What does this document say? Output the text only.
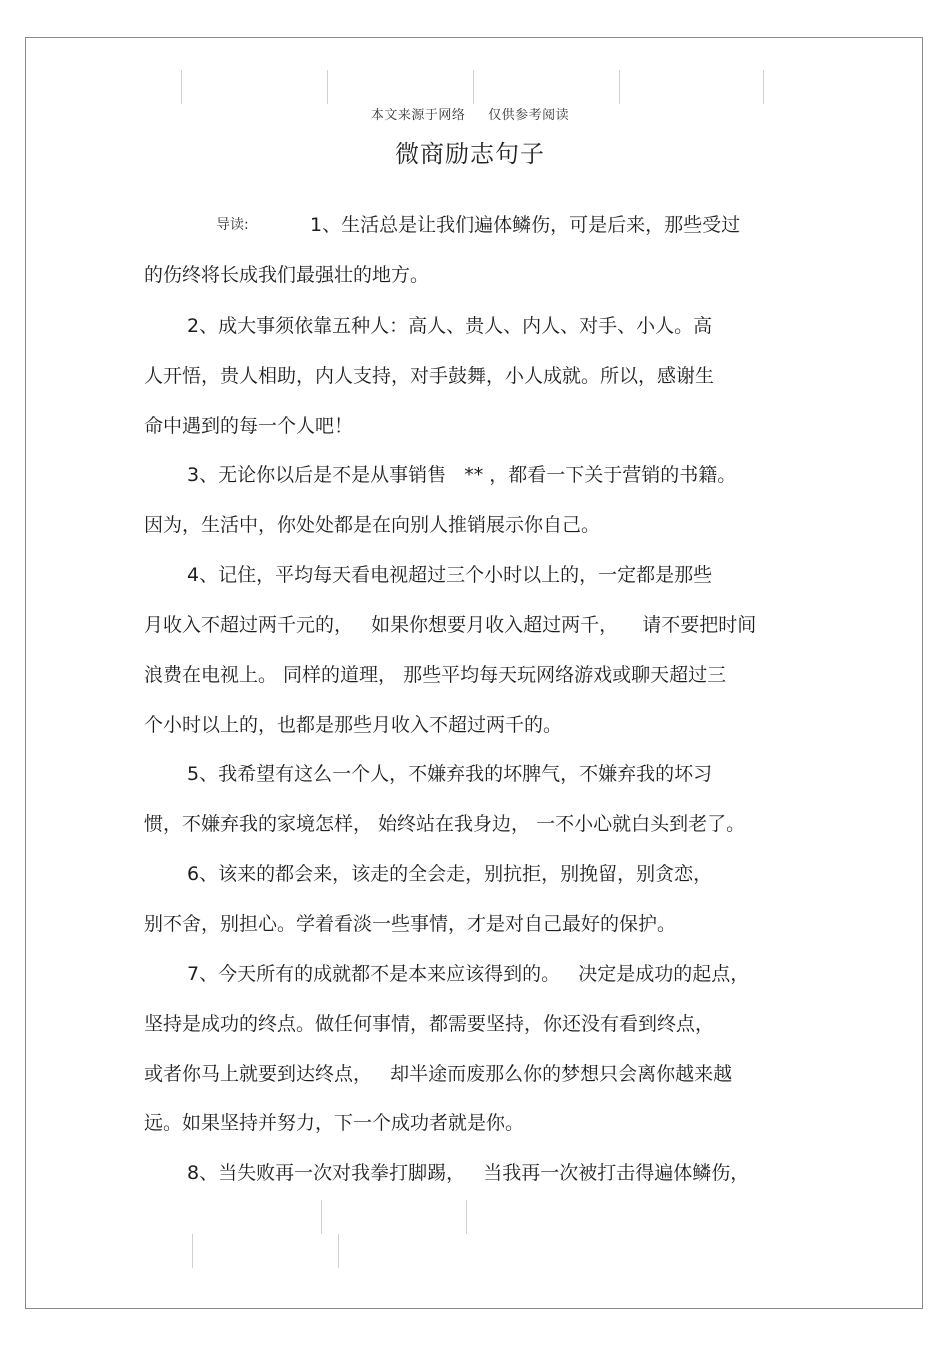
本文来源于网络 仅供参考阅读
微商励志句子
导读:	1、生活总是让我们遍体鳞伤，可是后来，那些受过
的伤终将长成我们最强壮的地方。
2、成大事须依靠五种人：高人、贵人、内人、对手、小人。高
人开悟，贵人相助，内人支持，对手鼓舞，小人成就。所以，感谢生
命中遇到的每一个人吧！
3、无论你以后是不是从事销售   ** ，都看一下关于营销的书籍。
因为，生活中，你处处都是在向别人推销展示你自己。
4、记住，平均每天看电视超过三个小时以上的，一定都是那些
月收入不超过两千元的，   如果你想要月收入超过两千，    请不要把时间
浪费在电视上。 同样的道理， 那些平均每天玩网络游戏或聊天超过三
个小时以上的，也都是那些月收入不超过两千的。
5、我希望有这么一个人，不嫌弃我的坏脾气，不嫌弃我的坏习
惯，不嫌弃我的家境怎样， 始终站在我身边， 一不小心就白头到老了。
6、该来的都会来，该走的全会走，别抗拒，别挽留，别贪恋，
别不舍，别担心。学着看淡一些事情，才是对自己最好的保护。
7、今天所有的成就都不是本来应该得到的。   决定是成功的起点，
坚持是成功的终点。做任何事情，都需要坚持，你还没有看到终点，
或者你马上就要到达终点，   却半途而废那么你的梦想只会离你越来越
远。如果坚持并努力，下一个成功者就是你。
8、当失败再一次对我拳打脚踢，   当我再一次被打击得遍体鳞伤，
